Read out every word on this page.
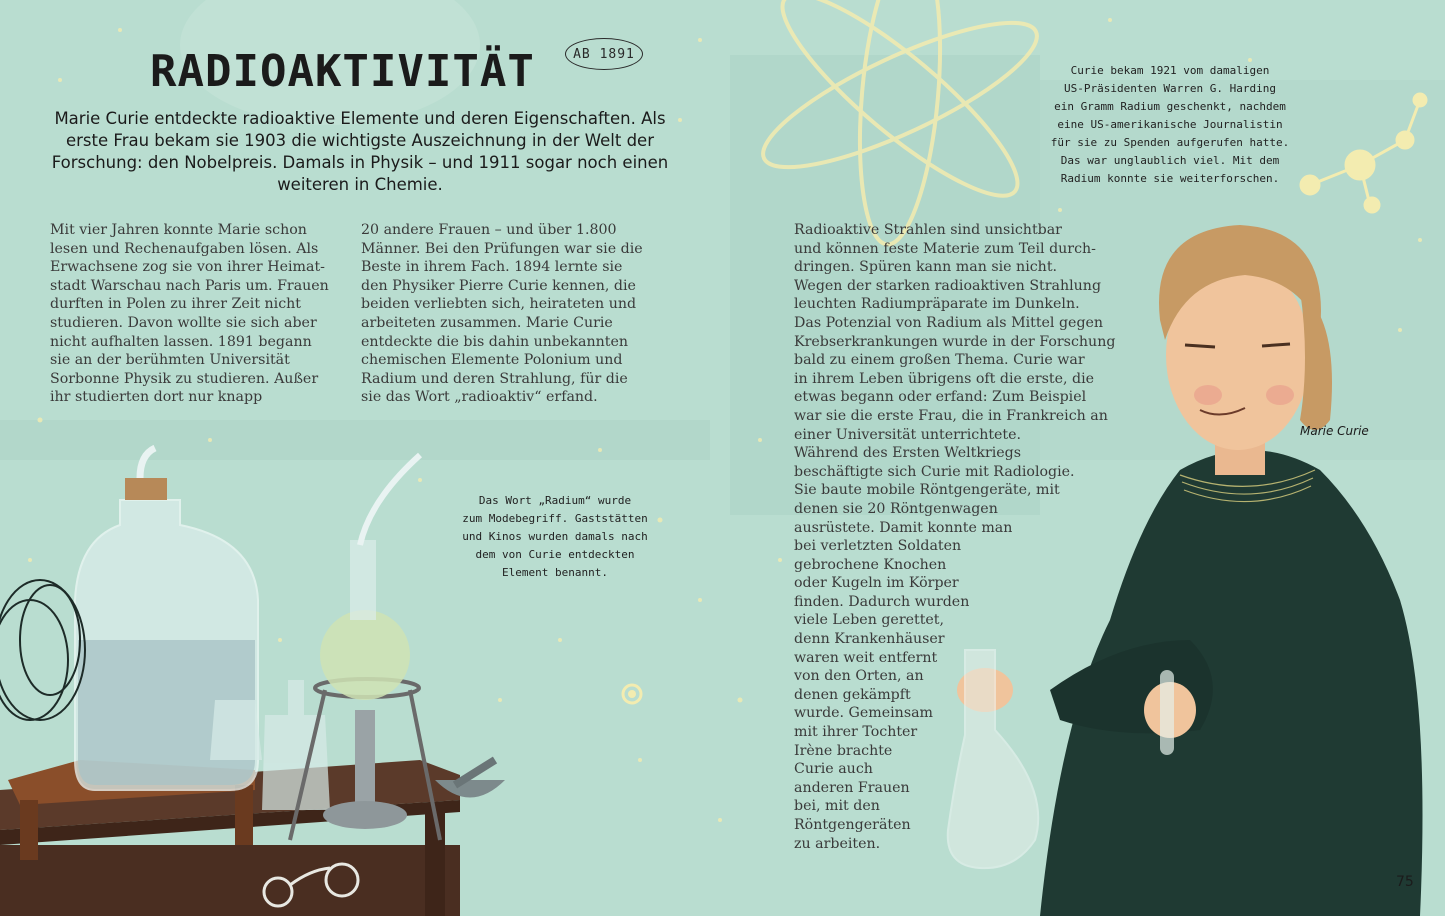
RADIOAKTIVITÄT	AB 1891

Marie Curie entdeckte radioaktive Elemente und deren Eigenschaften. Als erste Frau bekam sie 1903 die wichtigste Auszeichnung in der Welt der Forschung: den Nobelpreis. Damals in Physik – und 1911 sogar noch einen weiteren in Chemie.

Mit vier Jahren konnte Marie schon
lesen und Rechenaufgaben lösen. Als
Erwachsene zog sie von ihrer Heimat-
stadt Warschau nach Paris um. Frauen
durften in Polen zu ihrer Zeit nicht
studieren. Davon wollte sie sich aber
nicht aufhalten lassen. 1891 begann
sie an der berühmten Universität
Sorbonne Physik zu studieren. Außer
ihr studierten dort nur knapp

20 andere Frauen – und über 1.800
Männer. Bei den Prüfungen war sie die
Beste in ihrem Fach. 1894 lernte sie
den Physiker Pierre Curie kennen, die
beiden verliebten sich, heirateten und
arbeiteten zusammen. Marie Curie
entdeckte die bis dahin unbekannten
chemischen Elemente Polonium und
Radium und deren Strahlung, für die
sie das Wort „radioaktiv“ erfand.

Radioaktive Strahlen sind unsichtbar
und können feste Materie zum Teil durch-
dringen. Spüren kann man sie nicht.
Wegen der starken radioaktiven Strahlung
leuchten Radiumpräparate im Dunkeln.
Das Potenzial von Radium als Mittel gegen
Krebserkrankungen wurde in der Forschung
bald zu einem großen Thema. Curie war
in ihrem Leben übrigens oft die erste, die
etwas begann oder erfand: Zum Beispiel
war sie die erste Frau, die in Frankreich an
einer Universität unterrichtete.
Während des Ersten Weltkriegs
beschäftigte sich Curie mit Radiologie.
Sie baute mobile Röntgengeräte, mit
denen sie 20 Röntgenwagen
ausrüstete. Damit konnte man
bei verletzten Soldaten
gebrochene Knochen
oder Kugeln im Körper
finden. Dadurch wurden
viele Leben gerettet,
denn Krankenhäuser
waren weit entfernt
von den Orten, an
denen gekämpft
wurde. Gemeinsam
mit ihrer Tochter
Irène brachte
Curie auch
anderen Frauen
bei, mit den
Röntgengeräten
zu arbeiten.

Curie bekam 1921 vom damaligen
US-Präsidenten Warren G. Harding
ein Gramm Radium geschenkt, nachdem
eine US-amerikanische Journalistin
für sie zu Spenden aufgerufen hatte.
Das war unglaublich viel. Mit dem
Radium konnte sie weiterforschen.

Das Wort „Radium“ wurde
zum Modebegriff. Gaststätten
und Kinos wurden damals nach
dem von Curie entdeckten
Element benannt.

Marie Curie
75
